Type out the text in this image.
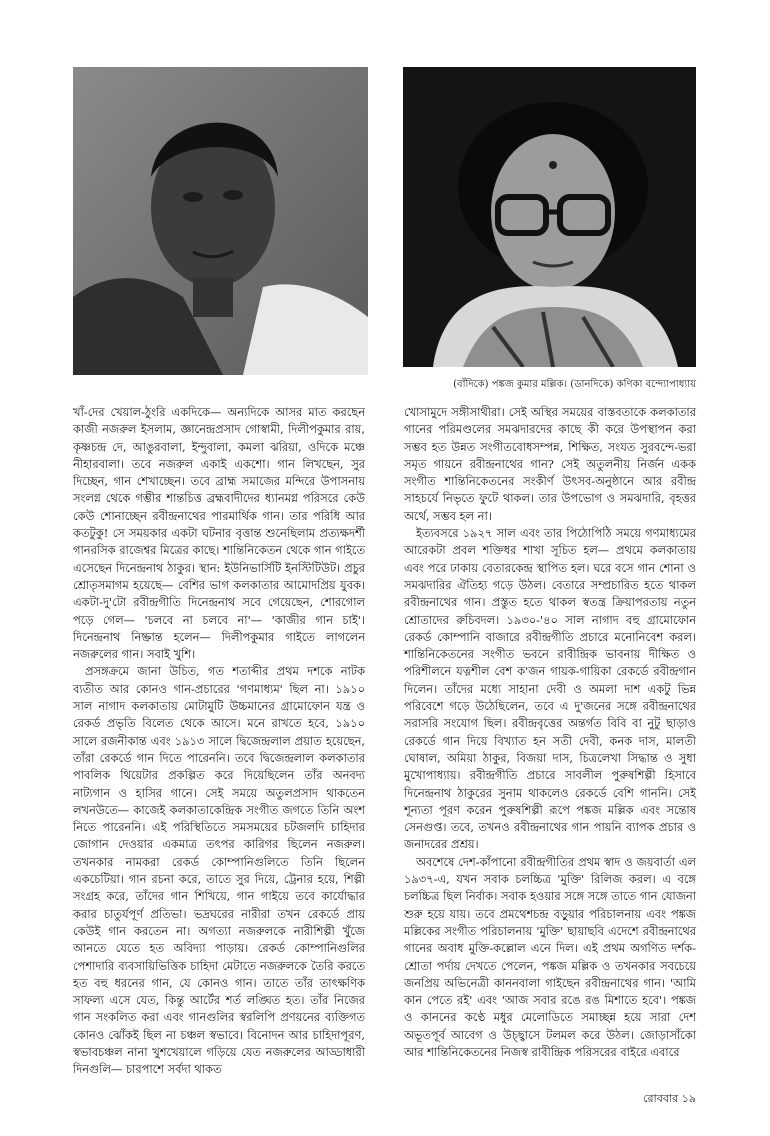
(বাঁদিকে) পঙ্কজ কুমার মল্লিক। (ডানদিকে) কণিকা বন্দ্যোপাধ্যায়

খাঁ-দের খেয়াল-ঠুংরি একদিকে— অন্যদিকে আসর মাত করছেন কাজী নজরুল ইসলাম, জ্ঞানেন্দ্রপ্রসাদ গোস্বামী, দিলীপকুমার রায়, কৃষ্ণচন্দ্র দে, আঙুরবালা, ইন্দুবালা, কমলা ঝরিয়া, ওদিকে মঞ্চে নীহারবালা। তবে নজরুল একাই একশো। গান লিখছেন, সুর দিচ্ছেন, গান শেখাচ্ছেন। তবে ব্রাহ্ম সমাজের মন্দিরে উপাসনায় সংলগ্ন থেকে গম্ভীর শান্তচিত্ত ব্রহ্মবাদীদের ধ্যানমগ্ন পরিসরে কেউ কেউ শোনাচ্ছেন রবীন্দ্রনাথের পারমার্থিক গান। তার পরিধি আর কতটুকু! সে সময়কার একটা ঘটনার বৃত্তান্ত শুনেছিলাম প্রত্যক্ষদর্শী গানরসিক রাজেশ্বর মিত্রের কাছে। শান্তিনিকেতন থেকে গান গাইতে এসেছেন দিনেন্দ্রনাথ ঠাকুর। স্থান: ইউনিভার্সিটি ইনস্টিটিউট। প্রচুর শ্রোতৃসমাগম হয়েছে— বেশির ভাগ কলকাতার আমোদপ্রিয় যুবক। একটা-দু'টো রবীন্দ্রগীতি দিনেন্দ্রনাথ সবে গেয়েছেন, শোরগোল পড়ে গেল— 'চলবে না চলবে না'— 'কাজীর গান চাই'। দিনেন্দ্রনাথ নিষ্ক্রান্ত হলেন— দিলীপকুমার গাইতে লাগলেন নজরুলের গান। সবাই খুশি।

প্রসঙ্গক্রমে জানা উচিত, গত শতাব্দীর প্রথম দশকে নাটক ব্যতীত আর কোনও গান-প্রচারের 'গণমাধ্যম' ছিল না। ১৯১০ সাল নাগাদ কলকাতায় মোটামুটি উচ্চমানের গ্রামোফোন যন্ত্র ও রেকর্ড প্রভৃতি বিলেত থেকে আসে। মনে রাখতে হবে, ১৯১০ সালে রজনীকান্ত এবং ১৯১৩ সালে দ্বিজেন্দ্রলাল প্রয়াত হয়েছেন, তাঁরা রেকর্ডে গান দিতে পারেননি। তবে দ্বিজেন্দ্রলাল কলকাতার পাবলিক থিয়েটার প্রকল্পিত করে দিয়েছিলেন তাঁর অনবদ্য নাট্যগান ও হাসির গানে। সেই সময়ে অতুলপ্রসাদ থাকতেন লখনউতে— কাজেই কলকাতাকেন্দ্রিক সংগীত জগতে তিনি অংশ নিতে পারেননি। এই পরিস্থিতিতে সমসময়ের চটজলদি চাহিদার জোগান দেওয়ার একমাত্র তৎপর কারিগর ছিলেন নজরুল। তখনকার নামকরা রেকর্ড কোম্পানিগুলিতে তিনি ছিলেন একচেটিয়া। গান রচনা করে, তাতে সুর দিয়ে, ট্রেনার হয়ে, শিল্পী সংগ্রহ করে, তাঁদের গান শিখিয়ে, গান গাইয়ে তবে কার্যোদ্ধার করার চাতুর্যপূর্ণ প্রতিভা। ভদ্রঘরের নারীরা তখন রেকর্ডে প্রায় কেউই গান করতেন না। অগত্যা নজরুলকে নারীশিল্পী খুঁজে আনতে যেতে হত অবিদ্যা পাড়ায়। রেকর্ড কোম্পানিগুলির পেশাদারি ব্যবসায়িভিত্তিক চাহিদা মেটাতে নজরুলকে তৈরি করতে হত বহু ধরনের গান, যে কোনও গান। তাতে তাঁর তাৎক্ষণিক সাফল্য এসে যেত, কিন্তু আর্টের শর্ত লঙ্ঘিত হত। তাঁর নিজের গান সংকলিত করা এবং গানগুলির স্বরলিপি প্রণয়নের ব্যক্তিগত কোনও ঝোঁকই ছিল না চঞ্চল স্বভাবে। বিনোদন আর চাহিদাপূরণ, স্বভাবচঞ্চল নানা খুশখেয়ালে গড়িয়ে যেত নজরুলের আড্ডাধারী দিনগুলি— চারপাশে সর্বদা থাকত

খোসামুদে সঙ্গীসাথীরা। সেই অস্থির সময়ের বাস্তবতাকে কলকাতার গানের পরিমণ্ডলের সমঝদারদের কাছে কী করে উপস্থাপন করা সম্ভব হত উন্নত সংগীতবোধসম্পন্ন, শিক্ষিত, সংযত সুরবন্দে-ভরা সমৃত গায়নে রবীন্দ্রনাথের গান? সেই অতুলনীয় নির্জন একক সংগীত শান্তিনিকেতনের সংকীর্ণ উৎসব-অনুষ্ঠানে আর রবীন্দ্র সাহচর্যে নিভৃতে ফুটে থাকল। তার উপভোগ ও সমঝদারি, বৃহত্তর অর্থে, সম্ভব হল না।

ইত্যবসরে ১৯২৭ সাল এবং তার পিঠোপিঠি সময়ে গণমাধ্যমের আরেকটা প্রবল শক্তিধর শাখা সূচিত হল— প্রথমে কলকাতায় এবং পরে ঢাকায় বেতারকেন্দ্র স্থাপিত হল। ঘরে বসে গান শোনা ও সমঝদারির ঐতিহ্য গড়ে উঠল। বেতারে সম্প্রচারিত হতে থাকল রবীন্দ্রনাথের গান। প্রস্তুত হতে থাকল স্বতন্ত্র ক্রিয়াপরতায় নতুন শ্রোতাদের রুচিবদল। ১৯৩০-'৪০ সাল নাগাদ বহু গ্রামোফোন রেকর্ড কোম্পানি বাজারে রবীন্দ্রগীতি প্রচারে মনোনিবেশ করল। শান্তিনিকেতনের সংগীত ভবনে রাবীন্দ্রিক ভাবনায় দীক্ষিত ও পরিশীলনে যত্নশীল বেশ ক'জন গায়ক-গায়িকা রেকর্ডে রবীন্দ্রগান দিলেন। তাঁদের মধ্যে সাহানা দেবী ও অমলা দাশ একটু ভিন্ন পরিবেশে গড়ে উঠেছিলেন, তবে এ দু'জনের সঙ্গে রবীন্দ্রনাথের সরাসরি সংযোগ ছিল। রবীন্দ্রবৃত্তের অন্তর্গত বিবি বা নুটু ছাড়াও রেকর্ডে গান দিয়ে বিখ্যাত হন সতী দেবী, কনক দাস, মালতী ঘোষাল, অমিয়া ঠাকুর, বিজয়া দাস, চিত্রলেখা সিদ্ধান্ত ও সুধা মুখোপাধ্যায়। রবীন্দ্রগীতি প্রচারে সাবলীল পুরুষশিল্পী হিসাবে দিনেন্দ্রনাথ ঠাকুরের সুনাম থাকলেও রেকর্ডে বেশি গাননি। সেই শূন্যতা পূরণ করেন পুরুষশিল্পী রূপে পঙ্কজ মল্লিক এবং সন্তোষ সেনগুপ্ত। তবে, তখনও রবীন্দ্রনাথের গান পায়নি ব্যাপক প্রচার ও জনাদরের প্রশ্রয়।

অবশেষে দেশ-কাঁপানো রবীন্দ্রগীতির প্রথম স্বাদ ও জয়বার্তা এল ১৯৩৭-এ, যখন সবাক চলচ্চিত্র 'মুক্তি' রিলিজ করল। এ বঙ্গে চলচ্চিত্র ছিল নির্বাক। সবাক হওয়ার সঙ্গে সঙ্গে তাতে গান যোজনা শুরু হয়ে যায়। তবে প্রমথেশচন্দ্র বড়ুয়ার পরিচালনায় এবং পঙ্কজ মল্লিকের সংগীত পরিচালনায় 'মুক্তি' ছায়াছবি এদেশে রবীন্দ্রনাথের গানের অবাধ মুক্তি-কল্লোল এনে দিল। এই প্রথম অগণিত দর্শক-শ্রোতা পর্দায় দেখতে পেলেন, পঙ্কজ মল্লিক ও তখনকার সবচেয়ে জনপ্রিয় অভিনেত্রী কাননবালা গাইছেন রবীন্দ্রনাথের গান। 'আমি কান পেতে রই' এবং 'আজ সবার রঙে রঙ মিশাতে হবে'। পঙ্কজ ও কাননের কণ্ঠে মধুর মেলোডিতে সমাচ্ছন্ন হয়ে সারা দেশ অভূতপূর্ব আবেগ ও উচ্ছ্বাসে টলমল করে উঠল। জোড়াসাঁকো আর শান্তিনিকেতনের নিজস্ব রাবীন্দ্রিক পরিসরের বাইরে এবারে

রোববার ১৯
